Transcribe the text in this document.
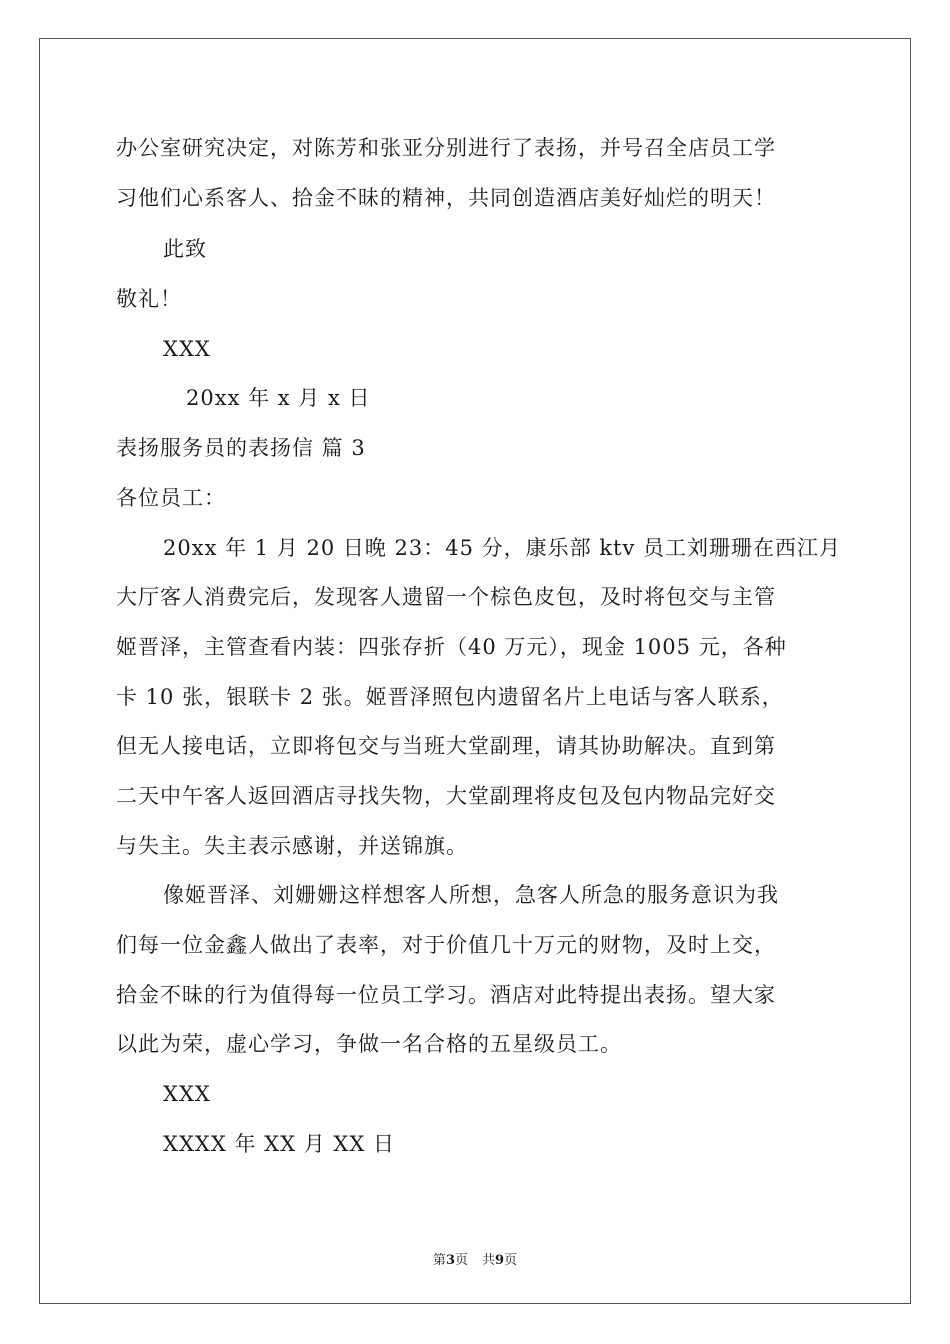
办公室研究决定，对陈芳和张亚分别进行了表扬，并号召全店员工学
习他们心系客人、拾金不昧的精神，共同创造酒店美好灿烂的明天！
此致
敬礼！
XXX
20xx 年 x 月 x 日
表扬服务员的表扬信 篇 3
各位员工：
20xx 年 1 月 20 日晚 23：45 分，康乐部 ktv 员工刘珊珊在西江月
大厅客人消费完后，发现客人遗留一个棕色皮包，及时将包交与主管
姬晋泽，主管查看内装：四张存折（40 万元），现金 1005 元，各种
卡 10 张，银联卡 2 张。姬晋泽照包内遗留名片上电话与客人联系，
但无人接电话，立即将包交与当班大堂副理，请其协助解决。直到第
二天中午客人返回酒店寻找失物，大堂副理将皮包及包内物品完好交
与失主。失主表示感谢，并送锦旗。
像姬晋泽、刘姗姗这样想客人所想，急客人所急的服务意识为我
们每一位金鑫人做出了表率，对于价值几十万元的财物，及时上交，
拾金不昧的行为值得每一位员工学习。酒店对此特提出表扬。望大家
以此为荣，虚心学习，争做一名合格的五星级员工。
XXX
XXXX 年 XX 月 XX 日
第3页 共9页
